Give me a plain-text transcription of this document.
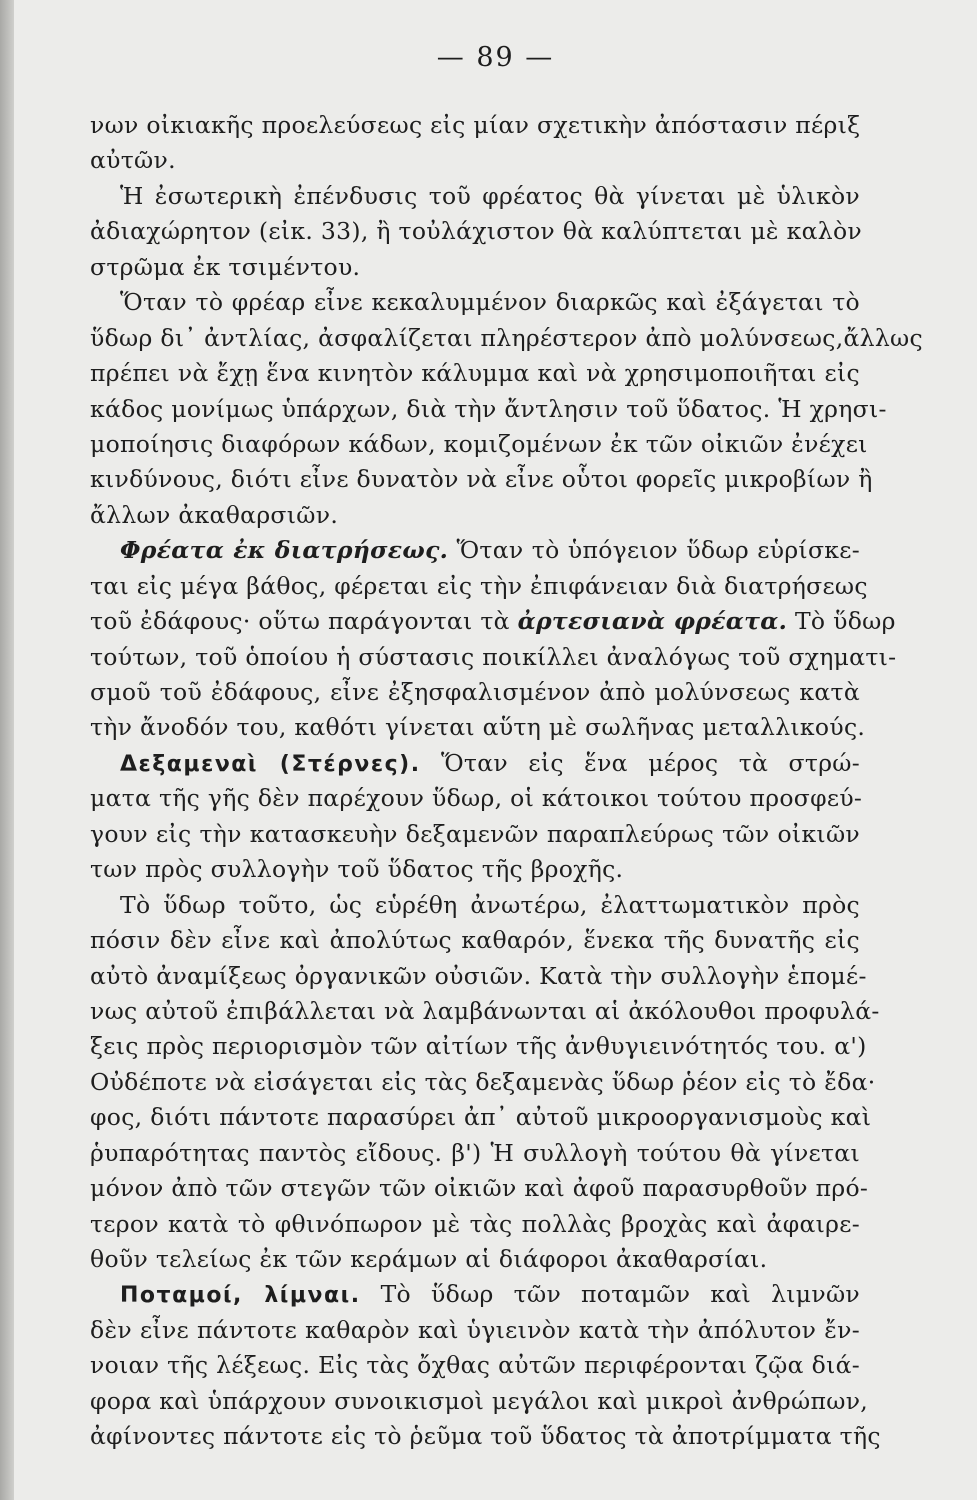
— 89 —
νων οἰκιακῆς προελεύσεως εἰς μίαν σχετικὴν ἀπόστασιν πέριξ
αὐτῶν.
Ἡ ἐσωτερικὴ ἐπένδυσις τοῦ φρέατος θὰ γίνεται μὲ ὑλικὸν
ἀδιαχώρητον (εἰκ. 33), ἢ τοὐλάχιστον θὰ καλύπτεται μὲ καλὸν
στρῶμα ἐκ τσιμέντου.
Ὅταν τὸ φρέαρ εἶνε κεκαλυμμένον διαρκῶς καὶ ἐξάγεται τὸ
ὕδωρ δι᾽ ἀντλίας, ἀσφαλίζεται πληρέστερον ἀπὸ μολύνσεως,ἄλλως
πρέπει νὰ ἔχῃ ἕνα κινητὸν κάλυμμα καὶ νὰ χρησιμοποιῆται εἰς
κάδος μονίμως ὑπάρχων, διὰ τὴν ἄντλησιν τοῦ ὕδατος. Ἡ χρησι-
μοποίησις διαφόρων κάδων, κομιζομένων ἐκ τῶν οἰκιῶν ἐνέχει
κινδύνους, διότι εἶνε δυνατὸν νὰ εἶνε οὗτοι φορεῖς μικροβίων ἢ
ἄλλων ἀκαθαρσιῶν.
Φρέατα ἐκ διατρήσεως. Ὅταν τὸ ὑπόγειον ὕδωρ εὑρίσκε-
ται εἰς μέγα βάθος, φέρεται εἰς τὴν ἐπιφάνειαν διὰ διατρήσεως
τοῦ ἐδάφους· οὕτω παράγονται τὰ ἀρτεσιανὰ φρέατα. Τὸ ὕδωρ
τούτων, τοῦ ὁποίου ἡ σύστασις ποικίλλει ἀναλόγως τοῦ σχηματι-
σμοῦ τοῦ ἐδάφους, εἶνε ἐξησφαλισμένον ἀπὸ μολύνσεως κατὰ
τὴν ἄνοδόν του, καθότι γίνεται αὕτη μὲ σωλῆνας μεταλλικούς.
Δεξαμεναὶ (Στέρνες). Ὅταν εἰς ἕνα μέρος τὰ στρώ-
ματα τῆς γῆς δὲν παρέχουν ὕδωρ, οἱ κάτοικοι τούτου προσφεύ-
γουν εἰς τὴν κατασκευὴν δεξαμενῶν παραπλεύρως τῶν οἰκιῶν
των πρὸς συλλογὴν τοῦ ὕδατος τῆς βροχῆς.
Τὸ ὕδωρ τοῦτο, ὡς εὑρέθη ἀνωτέρω, ἐλαττωματικὸν πρὸς
πόσιν δὲν εἶνε καὶ ἀπολύτως καθαρόν, ἕνεκα τῆς δυνατῆς εἰς
αὐτὸ ἀναμίξεως ὀργανικῶν οὐσιῶν. Κατὰ τὴν συλλογὴν ἑπομέ-
νως αὐτοῦ ἐπιβάλλεται νὰ λαμβάνωνται αἱ ἀκόλουθοι προφυλά-
ξεις πρὸς περιορισμὸν τῶν αἰτίων τῆς ἀνθυγιεινότητός του. α')
Οὐδέποτε νὰ εἰσάγεται εἰς τὰς δεξαμενὰς ὕδωρ ῥέον εἰς τὸ ἔδα·
φος, διότι πάντοτε παρασύρει ἀπ᾽ αὐτοῦ μικροοργανισμοὺς καὶ
ῥυπαρότητας παντὸς εἴδους. β') Ἡ συλλογὴ τούτου θὰ γίνεται
μόνον ἀπὸ τῶν στεγῶν τῶν οἰκιῶν καὶ ἀφοῦ παρασυρθοῦν πρό-
τερον κατὰ τὸ φθινόπωρον μὲ τὰς πολλὰς βροχὰς καὶ ἀφαιρε-
θοῦν τελείως ἐκ τῶν κεράμων αἱ διάφοροι ἀκαθαρσίαι.
Ποταμοί, λίμναι. Τὸ ὕδωρ τῶν ποταμῶν καὶ λιμνῶν
δὲν εἶνε πάντοτε καθαρὸν καὶ ὑγιεινὸν κατὰ τὴν ἀπόλυτον ἔν-
νοιαν τῆς λέξεως. Εἰς τὰς ὄχθας αὐτῶν περιφέρονται ζῷα διά-
φορα καὶ ὑπάρχουν συνοικισμοὶ μεγάλοι καὶ μικροὶ ἀνθρώπων,
ἀφίνοντες πάντοτε εἰς τὸ ῥεῦμα τοῦ ὕδατος τὰ ἀποτρίμματα τῆς
